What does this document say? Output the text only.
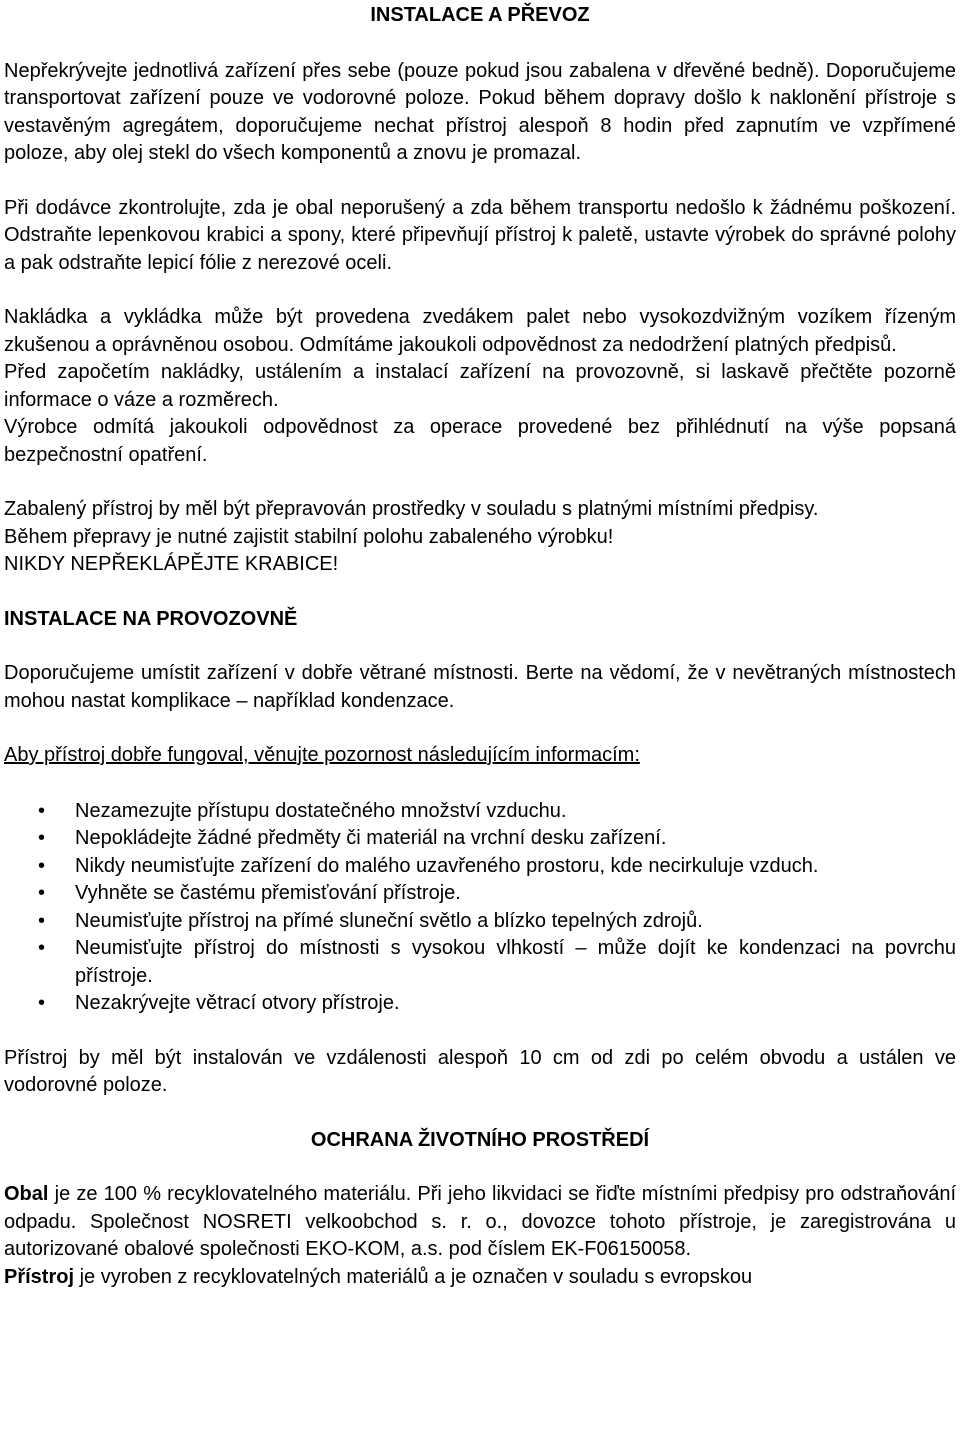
INSTALACE A PŘEVOZ

Nepřekrývejte jednotlivá zařízení přes sebe (pouze pokud jsou zabalena v dřevěné bedně). Doporučujeme transportovat zařízení pouze ve vodorovné poloze. Pokud během dopravy došlo k naklonění přístroje s vestavěným agregátem, doporučujeme nechat přístroj alespoň 8 hodin před zapnutím ve vzpřímené poloze, aby olej stekl do všech komponentů a znovu je promazal.

Při dodávce zkontrolujte, zda je obal neporušený a zda během transportu nedošlo k žádnému poškození. Odstraňte lepenkovou krabici a spony, které připevňují přístroj k paletě, ustavte výrobek do správné polohy a pak odstraňte lepicí fólie z nerezové oceli.

Nakládka a vykládka může být provedena zvedákem palet nebo vysokozdvižným vozíkem řízeným zkušenou a oprávněnou osobou. Odmítáme jakoukoli odpovědnost za nedodržení platných předpisů.

Před započetím nakládky, ustálením a instalací zařízení na provozovně, si laskavě přečtěte pozorně informace o váze a rozměrech.

Výrobce odmítá jakoukoli odpovědnost za operace provedené bez přihlédnutí na výše popsaná bezpečnostní opatření.

Zabalený přístroj by měl být přepravován prostředky v souladu s platnými místními předpisy.

Během přepravy je nutné zajistit stabilní polohu zabaleného výrobku!

NIKDY NEPŘEKLÁPĚJTE KRABICE!

INSTALACE NA PROVOZOVNĚ

Doporučujeme umístit zařízení v dobře větrané místnosti. Berte na vědomí, že v nevětraných místnostech mohou nastat komplikace – například kondenzace.

Aby přístroj dobře fungoval, věnujte pozornost následujícím informacím:

• Nezamezujte přístupu dostatečného množství vzduchu.
• Nepokládejte žádné předměty či materiál na vrchní desku zařízení.
• Nikdy neumisťujte zařízení do malého uzavřeného prostoru, kde necirkuluje vzduch.
• Vyhněte se častému přemisťování přístroje.
• Neumisťujte přístroj na přímé sluneční světlo a blízko tepelných zdrojů.
• Neumisťujte přístroj do místnosti s vysokou vlhkostí – může dojít ke kondenzaci na povrchu přístroje.
• Nezakrývejte větrací otvory přístroje.

Přístroj by měl být instalován ve vzdálenosti alespoň 10 cm od zdi po celém obvodu a ustálen ve vodorovné poloze.

OCHRANA ŽIVOTNÍHO PROSTŘEDÍ

Obal je ze 100 % recyklovatelného materiálu. Při jeho likvidaci se řiďte místními předpisy pro odstraňování odpadu. Společnost NOSRETI velkoobchod s. r. o., dovozce tohoto přístroje, je zaregistrována u autorizované obalové společnosti EKO-KOM, a.s. pod číslem EK-F06150058.

Přístroj je vyroben z recyklovatelných materiálů a je označen v souladu s evropskou
